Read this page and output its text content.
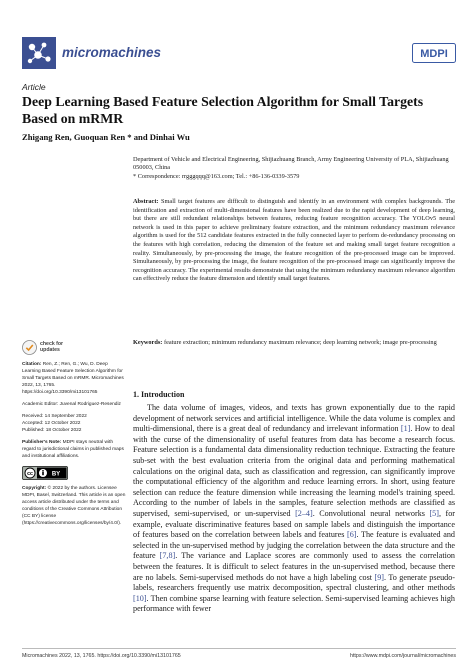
micromachines	MDPI
Article
Deep Learning Based Feature Selection Algorithm for Small Targets Based on mRMR
Zhigang Ren, Guoquan Ren * and Dinhai Wu

Department of Vehicle and Electrical Engineering, Shijiazhuang Branch, Army Engineering University of PLA, Shijiazhuang 050003, China

* Correspondence: rrgggqqq@163.com; Tel.: +86-136-0339-3579

Abstract: Small target features are difficult to distinguish and identify in an environment with complex backgrounds. The identification and extraction of multi-dimensional features have been realized due to the rapid development of deep learning, but there are still redundant relationships between features, reducing feature recognition accuracy. The YOLOv5 neural network is used in this paper to achieve preliminary feature extraction, and the minimum redundancy maximum relevance algorithm is used for the 512 candidate features extracted in the fully connected layer to perform de-redundancy processing on the features with high correlation, reducing the dimension of the feature set and making small target feature recognition a reality. Simultaneously, by pre-processing the image, the feature recognition of the pre-processed image can be improved. Simultaneously, by pre-processing the image, the feature recognition of the pre-processed image can significantly improve the recognition accuracy. The experimental results demonstrate that using the minimum redundancy maximum relevance algorithm can effectively reduce the feature dimension and identify small target features.
Keywords: feature extraction; minimum redundancy maximum relevance; deep learning network; image pre-processing
check for
updates
Citation: Ren, Z.; Ren, G.; Wu, D. Deep Learning Based Feature Selection Algorithm for Small Targets Based on mRMR. Micromachines 2022, 13, 1765. https://doi.org/10.3390/mi13101765
Academic Editor: Juvenal Rodriguez-Resendiz
Received: 14 September 2022
Accepted: 12 October 2022
Published: 18 October 2022
Publisher's Note: MDPI stays neutral with regard to jurisdictional claims in published maps and institutional affiliations.
cc	BY
Copyright: © 2022 by the authors. Licensee MDPI, Basel, Switzerland. This article is an open access article distributed under the terms and conditions of the Creative Commons Attribution (CC BY) license (https://creativecommons.org/licenses/by/4.0/).
1. Introduction

The data volume of images, videos, and texts has grown exponentially due to the rapid development of network services and artificial intelligence. While the data volume is complex and multi-dimensional, there is a great deal of redundancy and irrelevant information [1]. How to deal with the curse of the dimensionality of useful features from data has become a research focus. Feature selection is a fundamental data dimensionality reduction technique. Extracting the feature sub-set with the best evaluation criteria from the original data and performing mathematical calculations on the original data, such as classification and regression, can significantly improve the computational efficiency of the algorithm and reduce learning errors. In short, using feature selection can reduce the feature dimension while increasing the learning model's training speed. According to the number of labels in the samples, feature selection methods are classified as supervised, semi-supervised, or un-supervised [2–4]. Convolutional neural networks [5], for example, evaluate discriminative features based on sample labels and distinguish the importance of features based on the correlation between labels and features [6]. The feature is evaluated and selected in the un-supervised method by judging the correlation between the data structure and the feature [7,8]. The variance and Laplace scores are commonly used to assess the correlation between the features. It is difficult to select features in the un-supervised method, because there are no labels. Semi-supervised methods do not have a high labeling cost [9]. To generate pseudo-labels, researchers frequently use matrix decomposition, spectral clustering, and other methods [10]. Then combine sparse learning with feature selection. Semi-supervised learning achieves high performance with fewer

Micromachines 2022, 13, 1765. https://doi.org/10.3390/mi13101765	https://www.mdpi.com/journal/micromachines
